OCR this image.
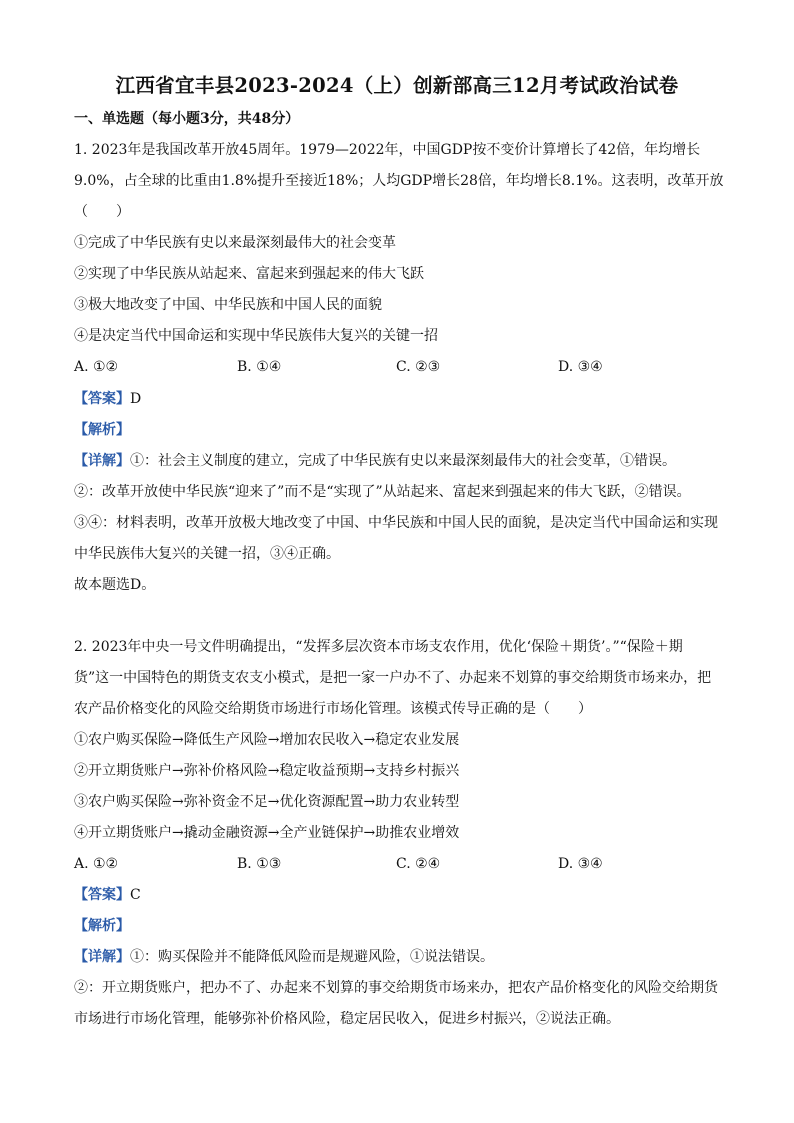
江西省宜丰县2023-2024（上）创新部高三12月考试政治试卷
一、单选题（每小题3分，共48分）
1. 2023年是我国改革开放45周年。1979—2022年，中国GDP按不变价计算增长了42倍，年均增长
9.0%，占全球的比重由1.8%提升至接近18%；人均GDP增长28倍，年均增长8.1%。这表明，改革开放
（　　）
①完成了中华民族有史以来最深刻最伟大的社会变革
②实现了中华民族从站起来、富起来到强起来的伟大飞跃
③极大地改变了中国、中华民族和中国人民的面貌
④是决定当代中国命运和实现中华民族伟大复兴的关键一招
A. ①②	B. ①④	C. ②③	D. ③④
【答案】D
【解析】
【详解】①：社会主义制度的建立，完成了中华民族有史以来最深刻最伟大的社会变革，①错误。
②：改革开放使中华民族“迎来了”而不是“实现了”从站起来、富起来到强起来的伟大飞跃，②错误。
③④：材料表明，改革开放极大地改变了中国、中华民族和中国人民的面貌，是决定当代中国命运和实现
中华民族伟大复兴的关键一招，③④正确。
故本题选D。
2. 2023年中央一号文件明确提出，“发挥多层次资本市场支农作用，优化‘保险＋期货’。”“保险＋期
货”这一中国特色的期货支农支小模式，是把一家一户办不了、办起来不划算的事交给期货市场来办，把
农产品价格变化的风险交给期货市场进行市场化管理。该模式传导正确的是（　　）
①农户购买保险→降低生产风险→增加农民收入→稳定农业发展
②开立期货账户→弥补价格风险→稳定收益预期→支持乡村振兴
③农户购买保险→弥补资金不足→优化资源配置→助力农业转型
④开立期货账户→撬动金融资源→全产业链保护→助推农业增效
A. ①②	B. ①③	C. ②④	D. ③④
【答案】C
【解析】
【详解】①：购买保险并不能降低风险而是规避风险，①说法错误。
②：开立期货账户，把办不了、办起来不划算的事交给期货市场来办，把农产品价格变化的风险交给期货
市场进行市场化管理，能够弥补价格风险，稳定居民收入，促进乡村振兴，②说法正确。
